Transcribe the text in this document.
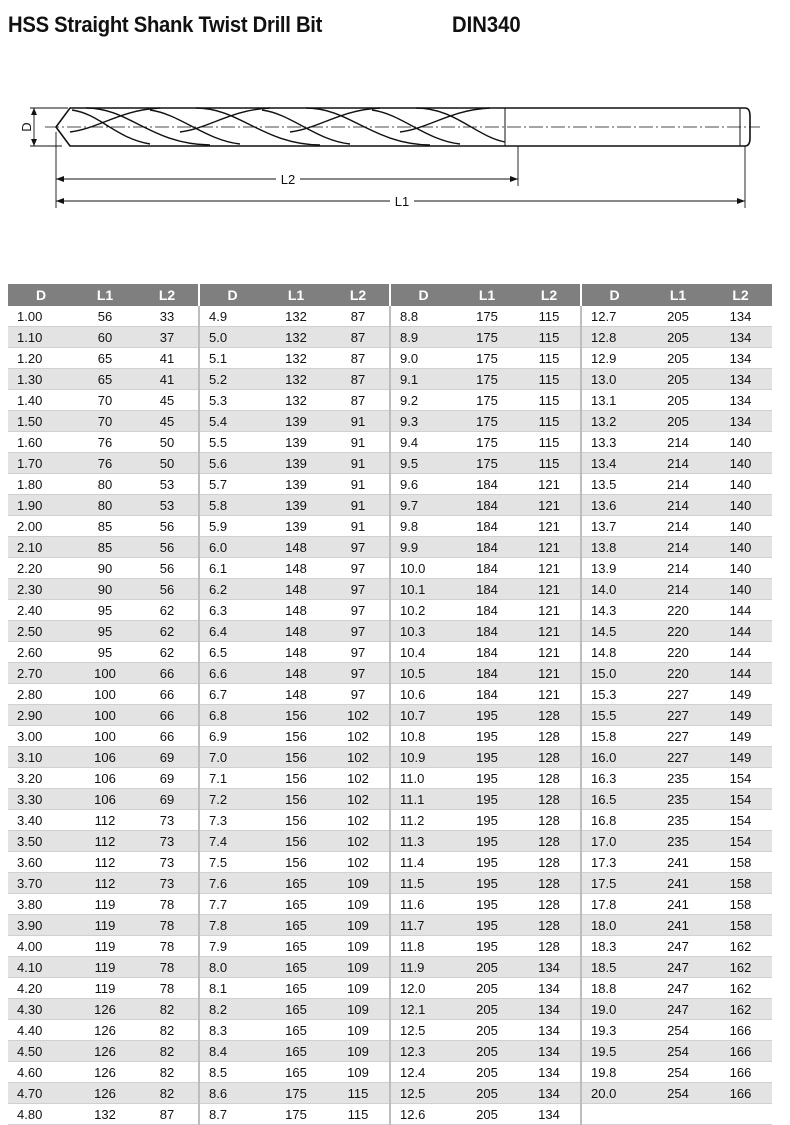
HSS Straight Shank Twist Drill Bit	DIN340
D
L2
L1
D	L1	L2	D	L1	L2	D	L1	L2	D	L1	L2
1.00	56	33	4.9	132	87	8.8	175	115	12.7	205	134
1.10	60	37	5.0	132	87	8.9	175	115	12.8	205	134
1.20	65	41	5.1	132	87	9.0	175	115	12.9	205	134
1.30	65	41	5.2	132	87	9.1	175	115	13.0	205	134
1.40	70	45	5.3	132	87	9.2	175	115	13.1	205	134
1.50	70	45	5.4	139	91	9.3	175	115	13.2	205	134
1.60	76	50	5.5	139	91	9.4	175	115	13.3	214	140
1.70	76	50	5.6	139	91	9.5	175	115	13.4	214	140
1.80	80	53	5.7	139	91	9.6	184	121	13.5	214	140
1.90	80	53	5.8	139	91	9.7	184	121	13.6	214	140
2.00	85	56	5.9	139	91	9.8	184	121	13.7	214	140
2.10	85	56	6.0	148	97	9.9	184	121	13.8	214	140
2.20	90	56	6.1	148	97	10.0	184	121	13.9	214	140
2.30	90	56	6.2	148	97	10.1	184	121	14.0	214	140
2.40	95	62	6.3	148	97	10.2	184	121	14.3	220	144
2.50	95	62	6.4	148	97	10.3	184	121	14.5	220	144
2.60	95	62	6.5	148	97	10.4	184	121	14.8	220	144
2.70	100	66	6.6	148	97	10.5	184	121	15.0	220	144
2.80	100	66	6.7	148	97	10.6	184	121	15.3	227	149
2.90	100	66	6.8	156	102	10.7	195	128	15.5	227	149
3.00	100	66	6.9	156	102	10.8	195	128	15.8	227	149
3.10	106	69	7.0	156	102	10.9	195	128	16.0	227	149
3.20	106	69	7.1	156	102	11.0	195	128	16.3	235	154
3.30	106	69	7.2	156	102	11.1	195	128	16.5	235	154
3.40	112	73	7.3	156	102	11.2	195	128	16.8	235	154
3.50	112	73	7.4	156	102	11.3	195	128	17.0	235	154
3.60	112	73	7.5	156	102	11.4	195	128	17.3	241	158
3.70	112	73	7.6	165	109	11.5	195	128	17.5	241	158
3.80	119	78	7.7	165	109	11.6	195	128	17.8	241	158
3.90	119	78	7.8	165	109	11.7	195	128	18.0	241	158
4.00	119	78	7.9	165	109	11.8	195	128	18.3	247	162
4.10	119	78	8.0	165	109	11.9	205	134	18.5	247	162
4.20	119	78	8.1	165	109	12.0	205	134	18.8	247	162
4.30	126	82	8.2	165	109	12.1	205	134	19.0	247	162
4.40	126	82	8.3	165	109	12.5	205	134	19.3	254	166
4.50	126	82	8.4	165	109	12.3	205	134	19.5	254	166
4.60	126	82	8.5	165	109	12.4	205	134	19.8	254	166
4.70	126	82	8.6	175	115	12.5	205	134	20.0	254	166
4.80	132	87	8.7	175	115	12.6	205	134			
